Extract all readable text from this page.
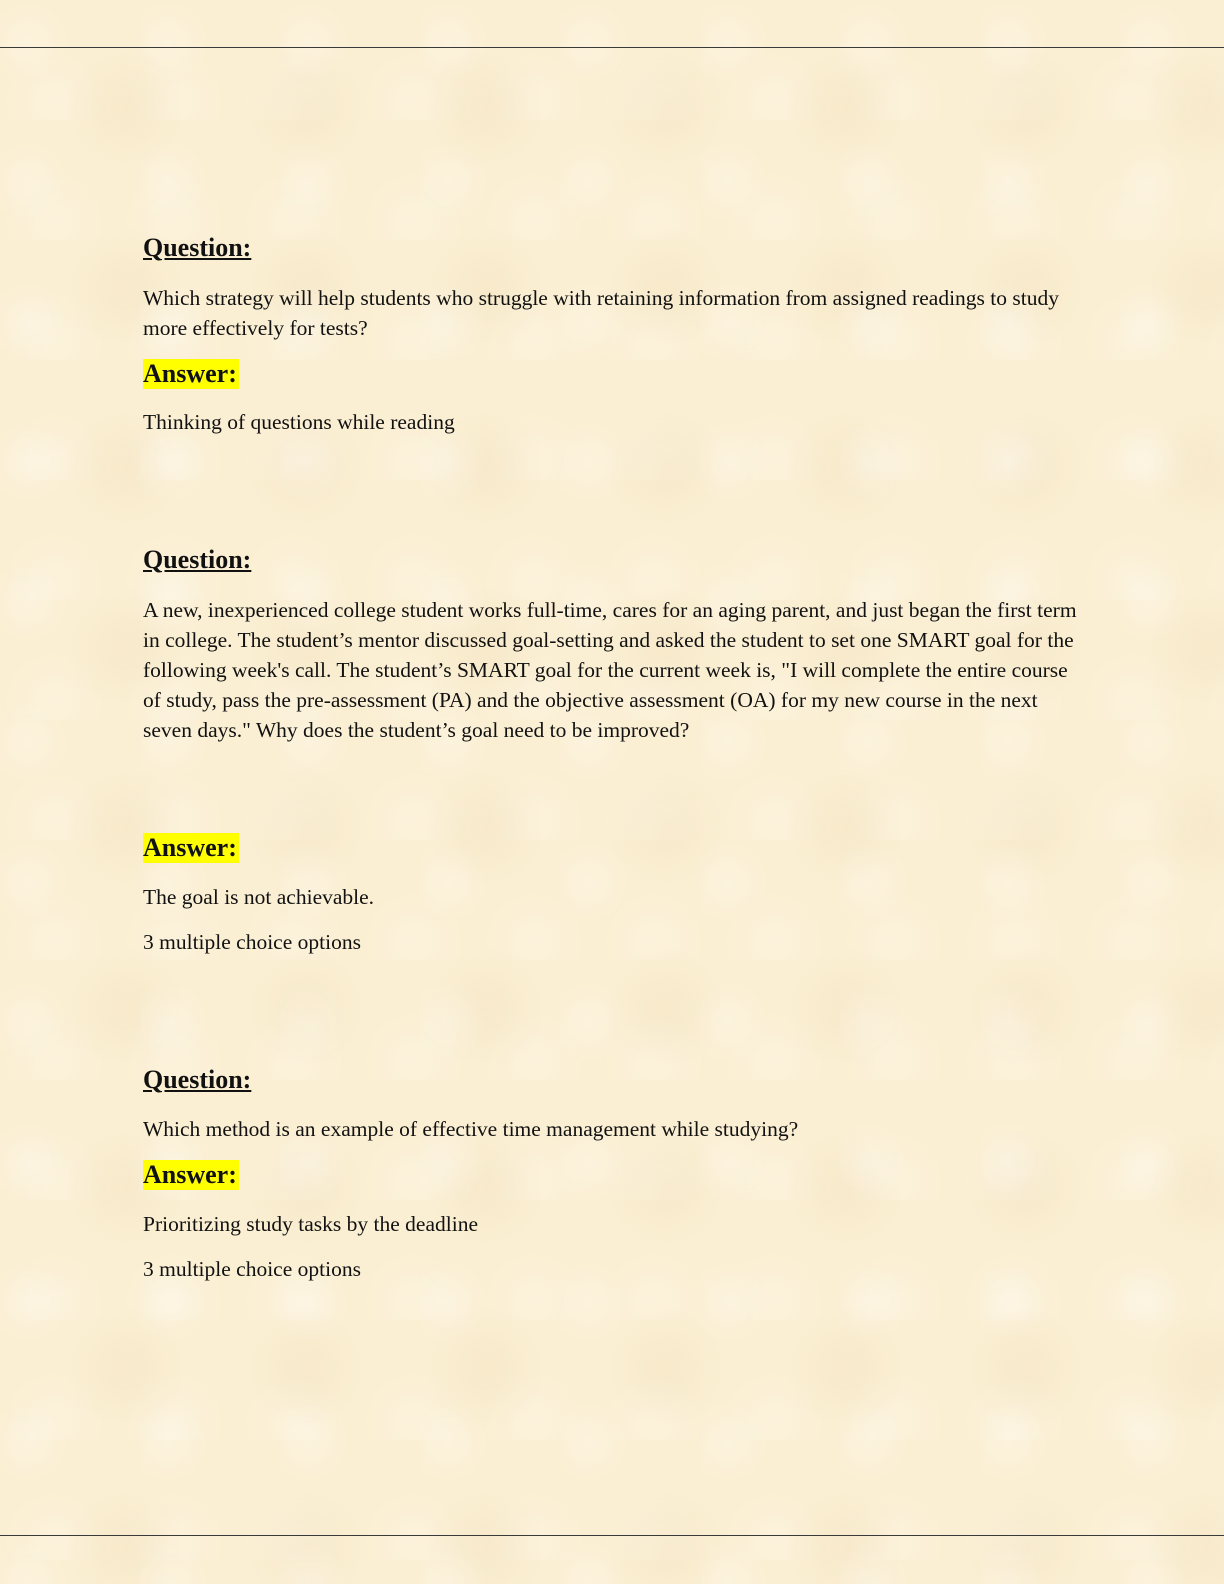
Question:

Which strategy will help students who struggle with retaining information from assigned readings to study more effectively for tests?

Answer:

Thinking of questions while reading

Question:

A new, inexperienced college student works full-time, cares for an aging parent, and just began the first term in college. The student’s mentor discussed goal-setting and asked the student to set one SMART goal for the following week's call. The student’s SMART goal for the current week is, "I will complete the entire course of study, pass the pre-assessment (PA) and the objective assessment (OA) for my new course in the next seven days." Why does the student’s goal need to be improved?

Answer:

The goal is not achievable.

3 multiple choice options

Question:

Which method is an example of effective time management while studying?

Answer:

Prioritizing study tasks by the deadline

3 multiple choice options
